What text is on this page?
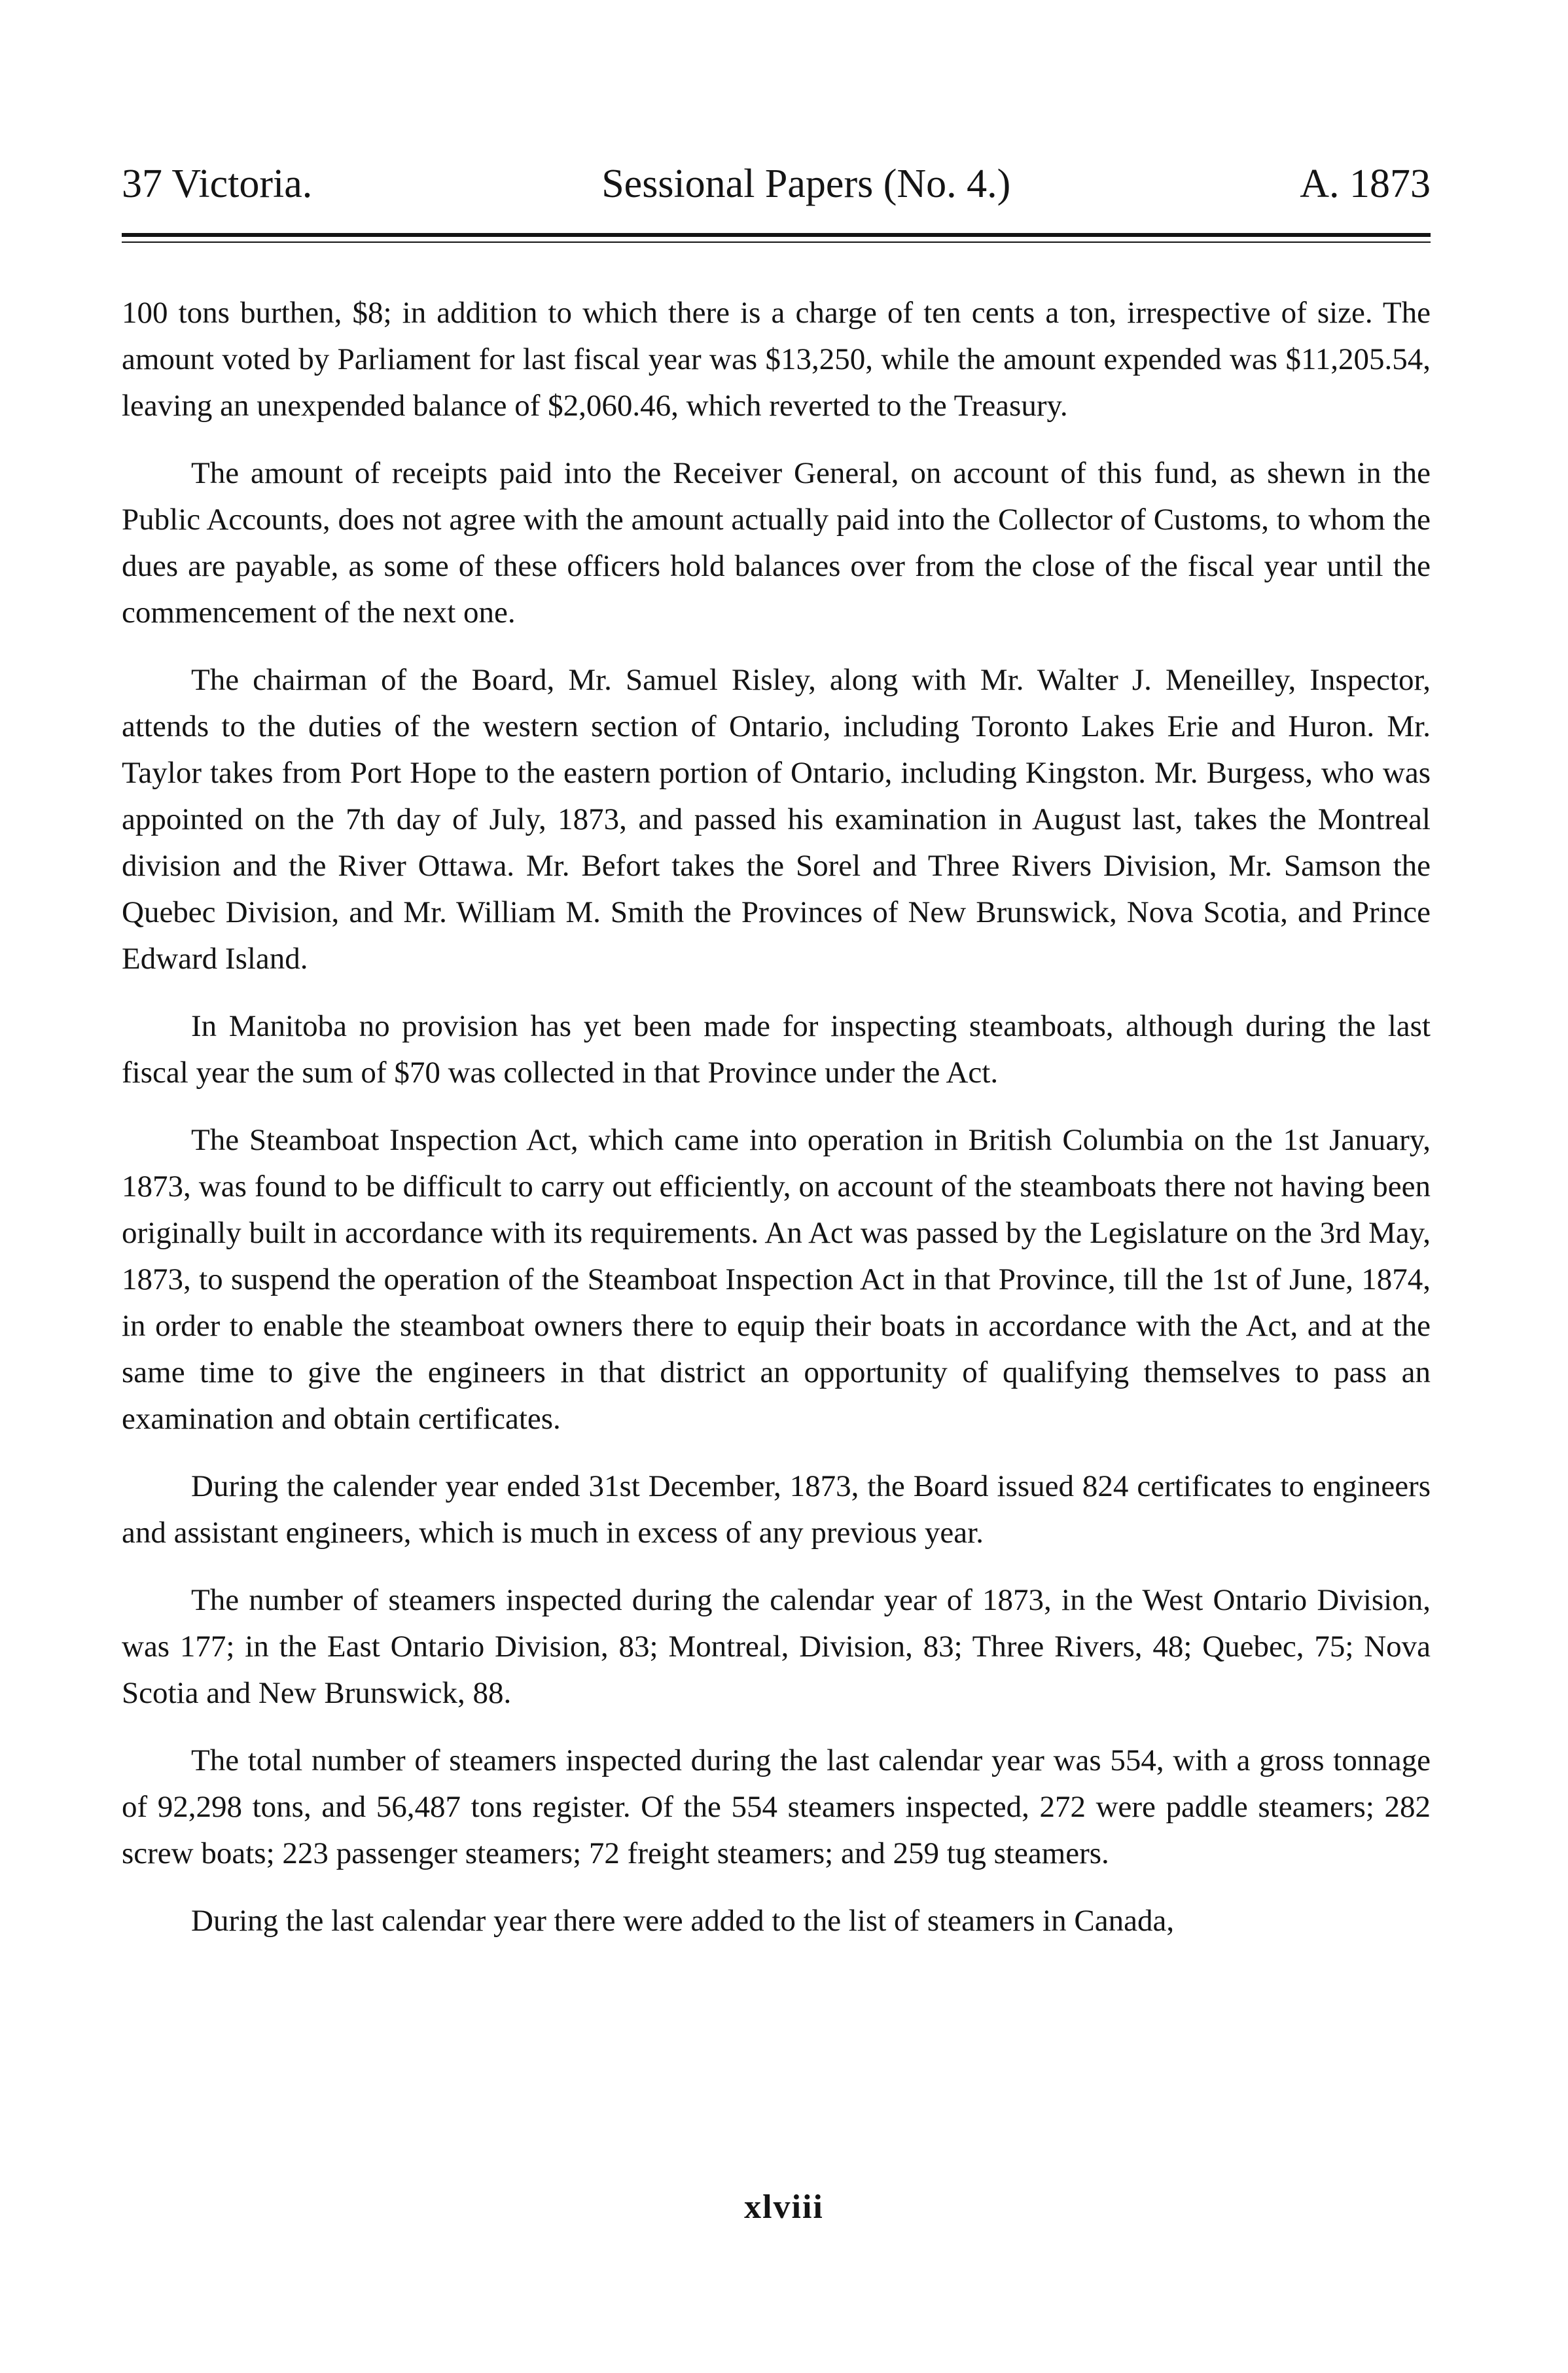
37 Victoria.	Sessional Papers (No. 4.)	A. 1873

100 tons burthen, $8; in addition to which there is a charge of ten cents a ton, irrespective of size. The amount voted by Parliament for last fiscal year was $13,250, while the amount expended was $11,205.54, leaving an unexpended balance of $2,060.46, which reverted to the Treasury.

The amount of receipts paid into the Receiver General, on account of this fund, as shewn in the Public Accounts, does not agree with the amount actually paid into the Collector of Customs, to whom the dues are payable, as some of these officers hold balances over from the close of the fiscal year until the commencement of the next one.

The chairman of the Board, Mr. Samuel Risley, along with Mr. Walter J. Meneilley, Inspector, attends to the duties of the western section of Ontario, including Toronto Lakes Erie and Huron. Mr. Taylor takes from Port Hope to the eastern portion of Ontario, including Kingston. Mr. Burgess, who was appointed on the 7th day of July, 1873, and passed his examination in August last, takes the Montreal division and the River Ottawa. Mr. Befort takes the Sorel and Three Rivers Division, Mr. Samson the Quebec Division, and Mr. William M. Smith the Provinces of New Brunswick, Nova Scotia, and Prince Edward Island.

In Manitoba no provision has yet been made for inspecting steamboats, although during the last fiscal year the sum of $70 was collected in that Province under the Act.

The Steamboat Inspection Act, which came into operation in British Columbia on the 1st January, 1873, was found to be difficult to carry out efficiently, on account of the steamboats there not having been originally built in accordance with its requirements. An Act was passed by the Legislature on the 3rd May, 1873, to suspend the operation of the Steamboat Inspection Act in that Province, till the 1st of June, 1874, in order to enable the steamboat owners there to equip their boats in accordance with the Act, and at the same time to give the engineers in that district an opportunity of qualifying themselves to pass an examination and obtain certificates.

During the calender year ended 31st December, 1873, the Board issued 824 certificates to engineers and assistant engineers, which is much in excess of any previous year.

The number of steamers inspected during the calendar year of 1873, in the West Ontario Division, was 177; in the East Ontario Division, 83; Montreal, Division, 83; Three Rivers, 48; Quebec, 75; Nova Scotia and New Brunswick, 88.

The total number of steamers inspected during the last calendar year was 554, with a gross tonnage of 92,298 tons, and 56,487 tons register. Of the 554 steamers inspected, 272 were paddle steamers; 282 screw boats; 223 passenger steamers; 72 freight steamers; and 259 tug steamers.

During the last calendar year there were added to the list of steamers in Canada,

xlviii
